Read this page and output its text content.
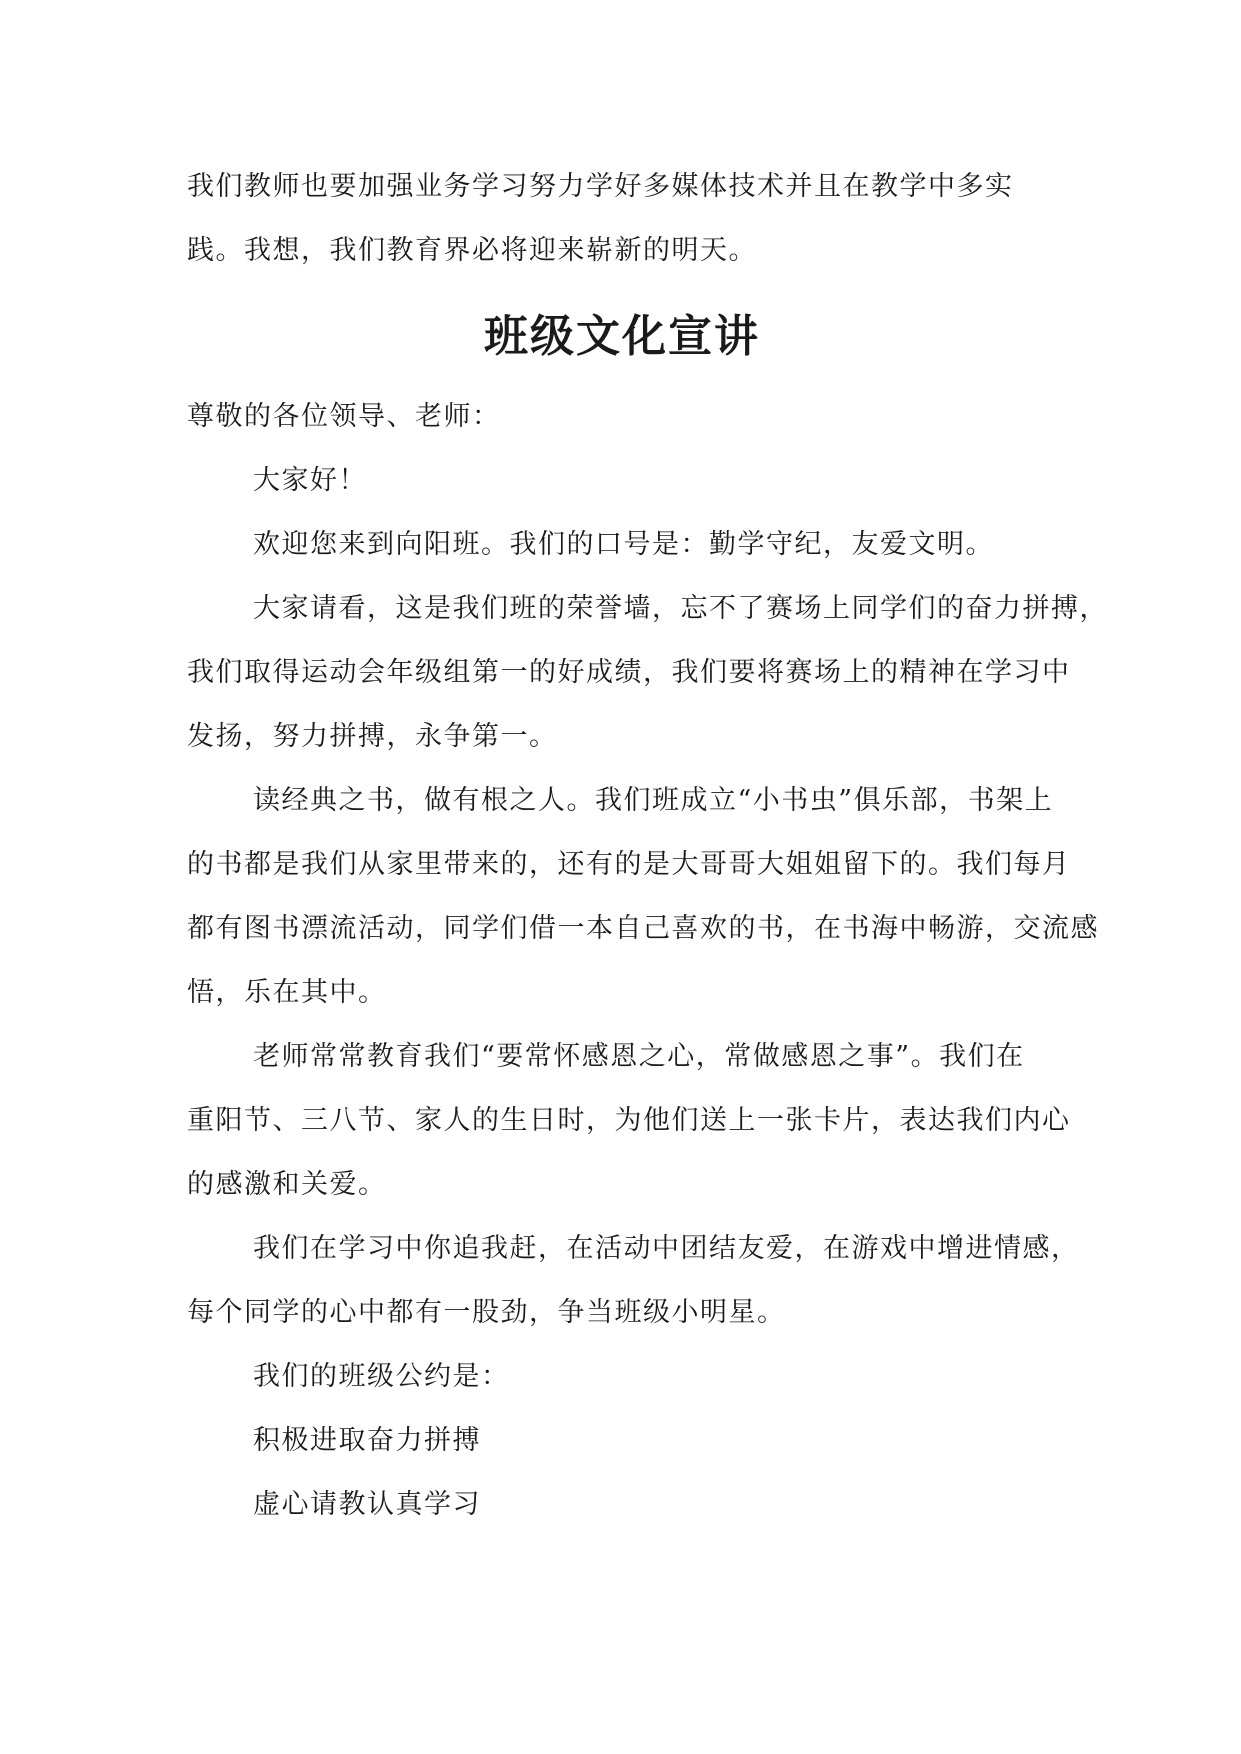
我们教师也要加强业务学习努力学好多媒体技术并且在教学中多实
践。我想，我们教育界必将迎来崭新的明天。
班级文化宣讲
尊敬的各位领导、老师：
大家好！
欢迎您来到向阳班。我们的口号是：勤学守纪，友爱文明。
大家请看，这是我们班的荣誉墙，忘不了赛场上同学们的奋力拼搏，
我们取得运动会年级组第一的好成绩，我们要将赛场上的精神在学习中
发扬，努力拼搏，永争第一。
读经典之书，做有根之人。我们班成立“小书虫”俱乐部，书架上
的书都是我们从家里带来的，还有的是大哥哥大姐姐留下的。我们每月
都有图书漂流活动，同学们借一本自己喜欢的书，在书海中畅游，交流感
悟，乐在其中。
老师常常教育我们“要常怀感恩之心，常做感恩之事”。我们在
重阳节、三八节、家人的生日时，为他们送上一张卡片，表达我们内心
的感激和关爱。
我们在学习中你追我赶，在活动中团结友爱，在游戏中增进情感，
每个同学的心中都有一股劲，争当班级小明星。
我们的班级公约是：
积极进取奋力拼搏
虚心请教认真学习
